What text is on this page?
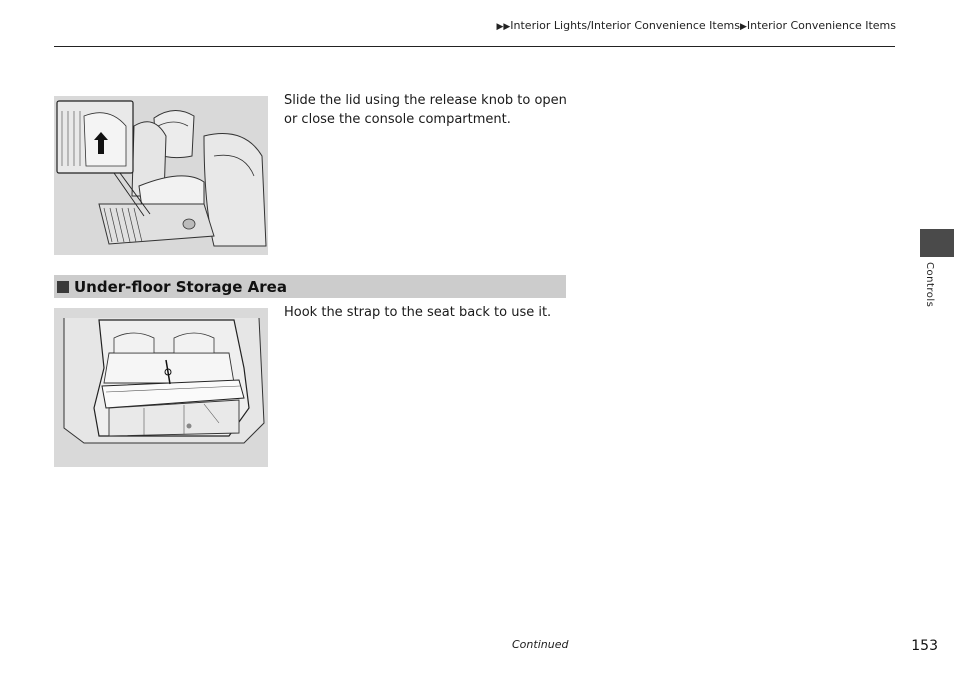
▶▶Interior Lights/Interior Convenience Items▶Interior Convenience Items
Slide the lid using the release knob to open or close the console compartment.
Under-floor Storage Area
Hook the strap to the seat back to use it.
Controls
Continued	153
